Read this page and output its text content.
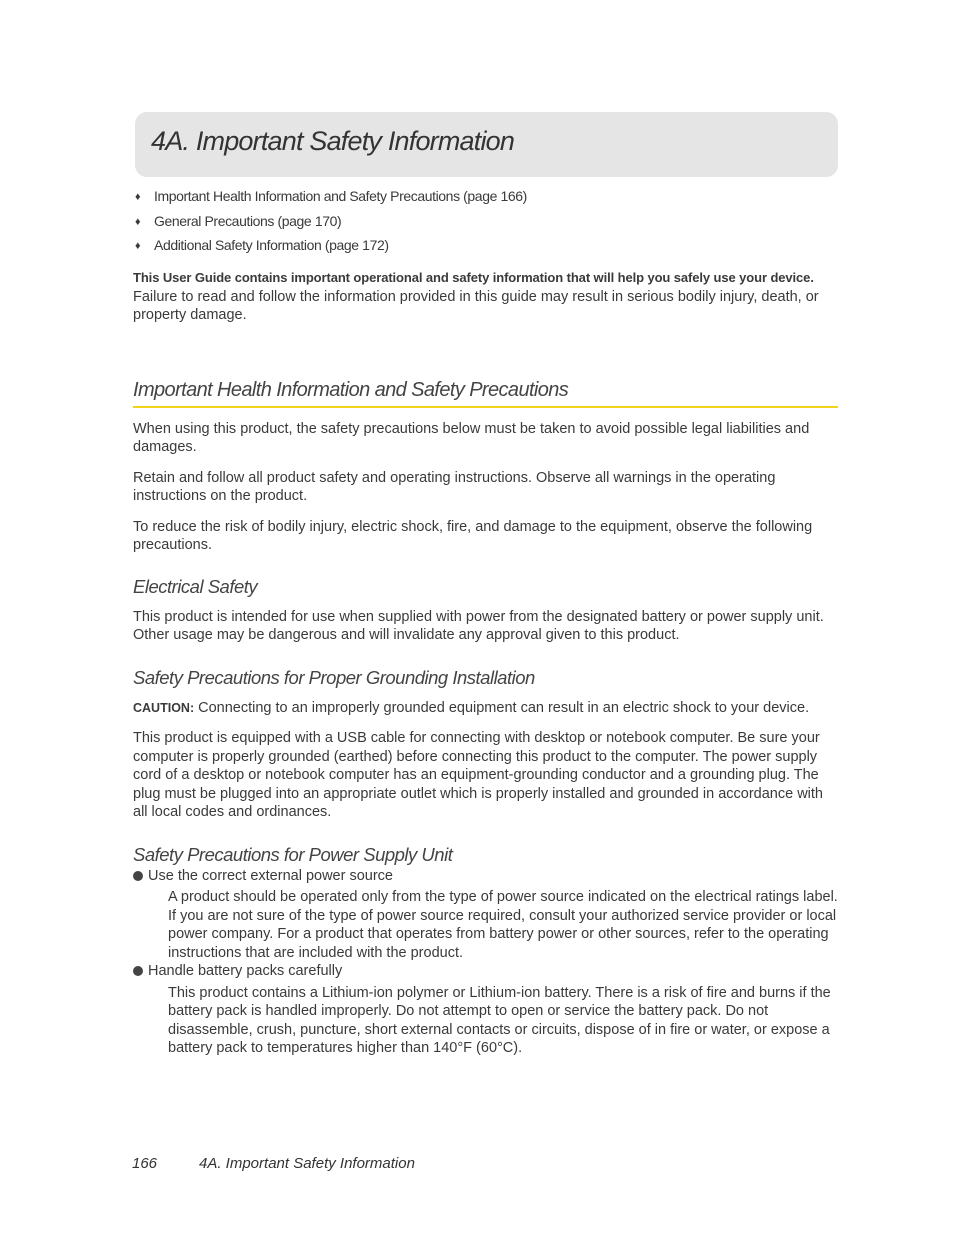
4A. Important Safety Information
♦ Important Health Information and Safety Precautions (page 166)
♦ General Precautions (page 170)
♦ Additional Safety Information (page 172)

This User Guide contains important operational and safety information that will help you safely use your device. Failure to read and follow the information provided in this guide may result in serious bodily injury, death, or property damage.

Important Health Information and Safety Precautions

When using this product, the safety precautions below must be taken to avoid possible legal liabilities and damages.

Retain and follow all product safety and operating instructions. Observe all warnings in the operating instructions on the product.

To reduce the risk of bodily injury, electric shock, fire, and damage to the equipment, observe the following precautions.

Electrical Safety

This product is intended for use when supplied with power from the designated battery or power supply unit. Other usage may be dangerous and will invalidate any approval given to this product.

Safety Precautions for Proper Grounding Installation

CAUTION: Connecting to an improperly grounded equipment can result in an electric shock to your device.

This product is equipped with a USB cable for connecting with desktop or notebook computer. Be sure your computer is properly grounded (earthed) before connecting this product to the computer. The power supply cord of a desktop or notebook computer has an equipment-grounding conductor and a grounding plug. The plug must be plugged into an appropriate outlet which is properly installed and grounded in accordance with all local codes and ordinances.

Safety Precautions for Power Supply Unit

Use the correct external power source

A product should be operated only from the type of power source indicated on the electrical ratings label. If you are not sure of the type of power source required, consult your authorized service provider or local power company. For a product that operates from battery power or other sources, refer to the operating instructions that are included with the product.

Handle battery packs carefully

This product contains a Lithium-ion polymer or Lithium-ion battery. There is a risk of fire and burns if the battery pack is handled improperly. Do not attempt to open or service the battery pack. Do not disassemble, crush, puncture, short external contacts or circuits, dispose of in fire or water, or expose a battery pack to temperatures higher than 140°F (60°C).

166	4A. Important Safety Information
